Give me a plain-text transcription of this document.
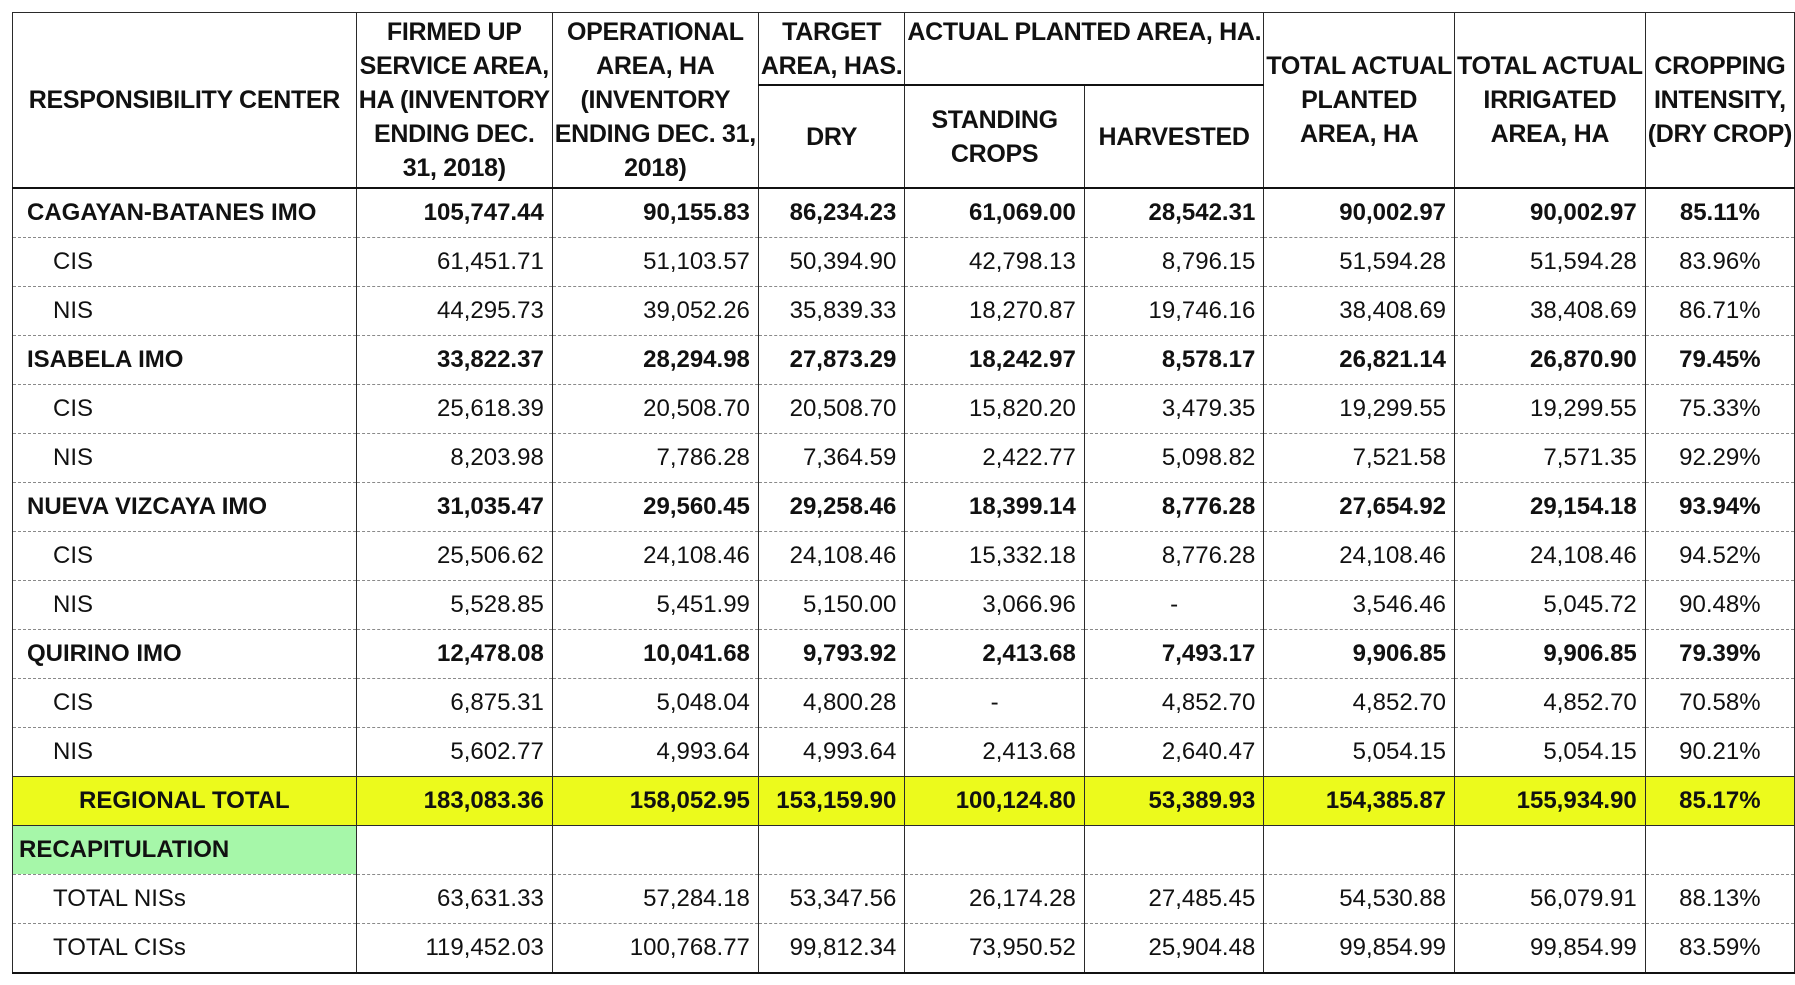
RESPONSIBILITY CENTER	FIRMED UP
SERVICE AREA,
HA (INVENTORY
ENDING DEC.
31, 2018)	OPERATIONAL
AREA, HA
(INVENTORY
ENDING DEC. 31,
2018)	TARGET
AREA, HAS.	ACTUAL PLANTED AREA, HA.		TOTAL ACTUAL
PLANTED
AREA, HA	TOTAL ACTUAL
IRRIGATED
AREA, HA	CROPPING
INTENSITY,
(DRY CROP)
			DRY	STANDING
CROPS	HARVESTED			
CAGAYAN-BATANES IMO	105,747.44	90,155.83	86,234.23	61,069.00	28,542.31	90,002.97	90,002.97	85.11%
CIS	61,451.71	51,103.57	50,394.90	42,798.13	8,796.15	51,594.28	51,594.28	83.96%
NIS	44,295.73	39,052.26	35,839.33	18,270.87	19,746.16	38,408.69	38,408.69	86.71%
ISABELA IMO	33,822.37	28,294.98	27,873.29	18,242.97	8,578.17	26,821.14	26,870.90	79.45%
CIS	25,618.39	20,508.70	20,508.70	15,820.20	3,479.35	19,299.55	19,299.55	75.33%
NIS	8,203.98	7,786.28	7,364.59	2,422.77	5,098.82	7,521.58	7,571.35	92.29%
NUEVA VIZCAYA IMO	31,035.47	29,560.45	29,258.46	18,399.14	8,776.28	27,654.92	29,154.18	93.94%
CIS	25,506.62	24,108.46	24,108.46	15,332.18	8,776.28	24,108.46	24,108.46	94.52%
NIS	5,528.85	5,451.99	5,150.00	3,066.96	-	3,546.46	5,045.72	90.48%
QUIRINO IMO	12,478.08	10,041.68	9,793.92	2,413.68	7,493.17	9,906.85	9,906.85	79.39%
CIS	6,875.31	5,048.04	4,800.28	-	4,852.70	4,852.70	4,852.70	70.58%
NIS	5,602.77	4,993.64	4,993.64	2,413.68	2,640.47	5,054.15	5,054.15	90.21%
REGIONAL TOTAL	183,083.36	158,052.95	153,159.90	100,124.80	53,389.93	154,385.87	155,934.90	85.17%
RECAPITULATION								
TOTAL NISs	63,631.33	57,284.18	53,347.56	26,174.28	27,485.45	54,530.88	56,079.91	88.13%
TOTAL CISs	119,452.03	100,768.77	99,812.34	73,950.52	25,904.48	99,854.99	99,854.99	83.59%
